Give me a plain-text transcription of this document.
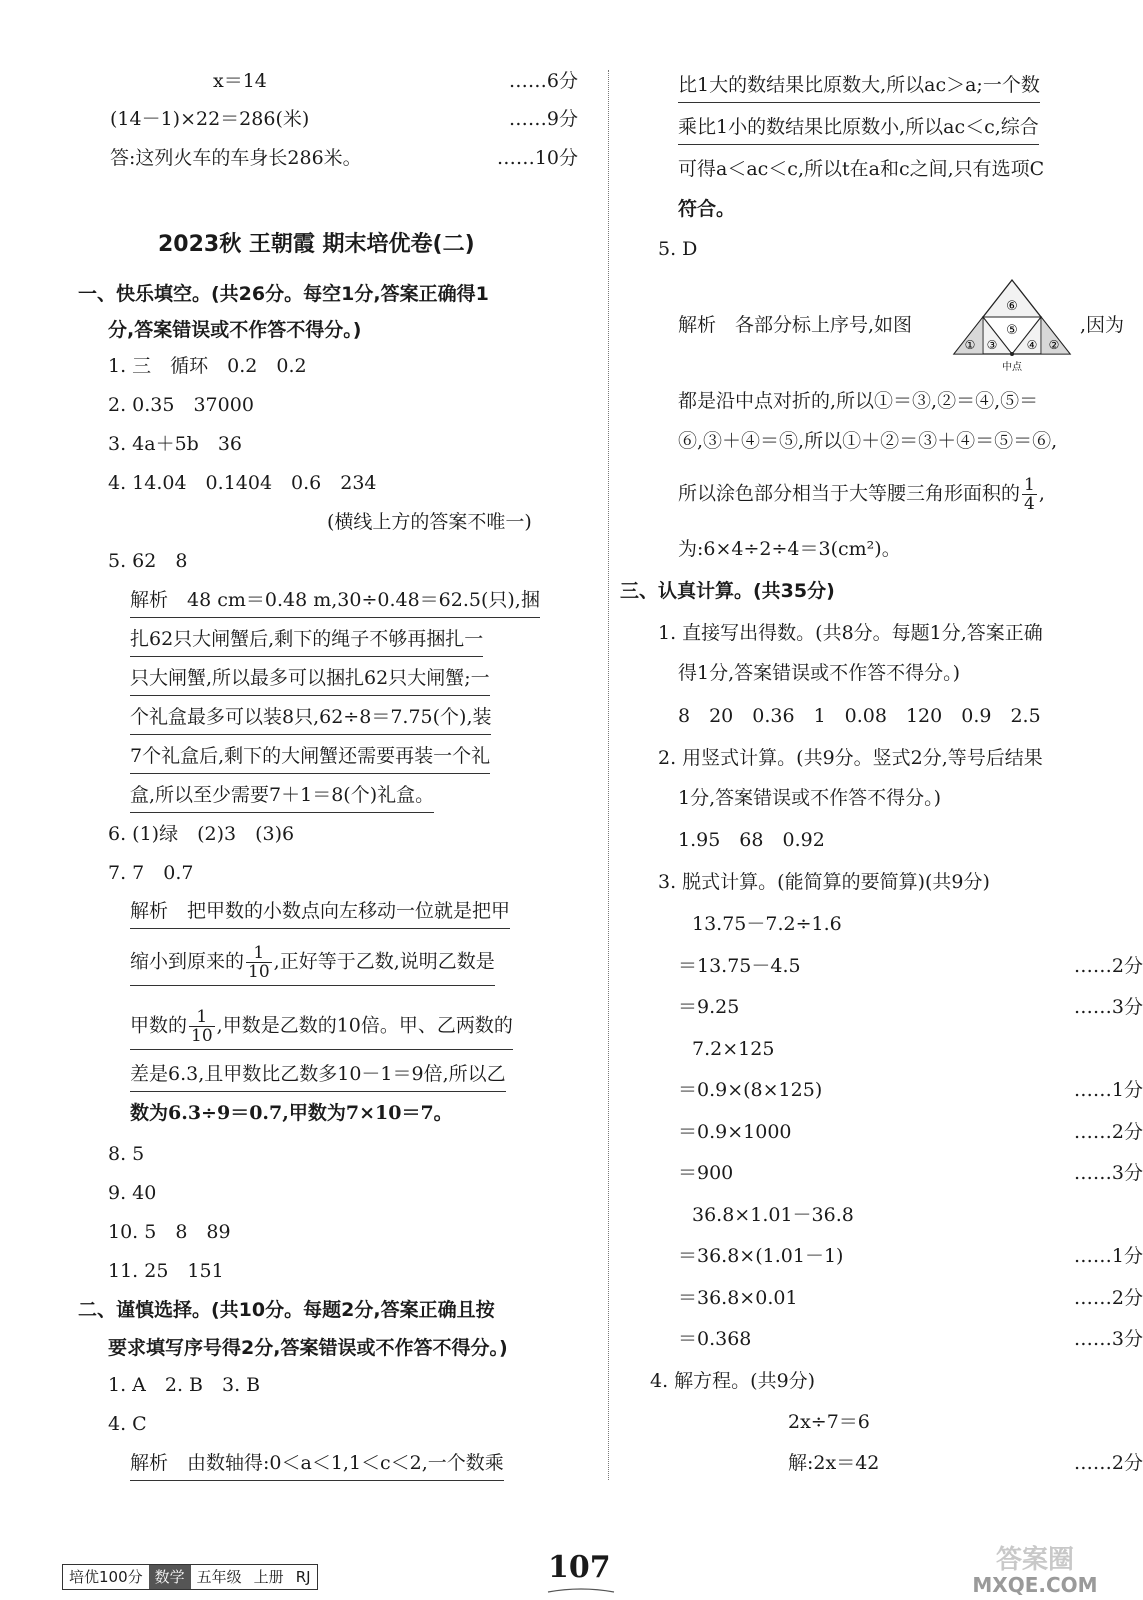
x＝14	……6分
(14－1)×22＝286(米)	……9分
答:这列火车的车身长286米。	……10分
2023秋 王朝霞 期末培优卷(二)
一、快乐填空。(共26分。每空1分,答案正确得1
分,答案错误或不作答不得分。)
1. 三　循环　0.2　0.2
2. 0.35　37000
3. 4a＋5b　36
4. 14.04　0.1404　0.6　234
(横线上方的答案不唯一)
5. 62　8
解析　48 cm＝0.48 m,30÷0.48＝62.5(只),捆
扎62只大闸蟹后,剩下的绳子不够再捆扎一
只大闸蟹,所以最多可以捆扎62只大闸蟹;一
个礼盒最多可以装8只,62÷8＝7.75(个),装
7个礼盒后,剩下的大闸蟹还需要再装一个礼
盒,所以至少需要7＋1＝8(个)礼盒。
6. (1)绿　(2)3　(3)6
7. 7　0.7
解析　把甲数的小数点向左移动一位就是把甲
缩小到原来的 $\frac{1}{10}$ ,正好等于乙数,说明乙数是
甲数的 $\frac{1}{10}$ ,甲数是乙数的10倍。甲、乙两数的
差是6.3,且甲数比乙数多10－1＝9倍,所以乙
数为6.3÷9＝0.7,甲数为7×10＝7。
8. 5
9. 40
10. 5　8　89
11. 25　151
二、谨慎选择。(共10分。每题2分,答案正确且按
要求填写序号得2分,答案错误或不作答不得分。)
1. A　2. B　3. B
4. C
解析　由数轴得:0＜a＜1,1＜c＜2,一个数乘
比1大的数结果比原数大,所以ac＞a;一个数
乘比1小的数结果比原数小,所以ac＜c,综合
可得a＜ac＜c,所以t在a和c之间,只有选项C
符合。
5. D
解析　各部分标上序号,如图	,因为
都是沿中点对折的,所以①＝③,②＝④,⑤＝
⑥,③＋④＝⑤,所以①＋②＝③＋④＝⑤＝⑥,
所以涂色部分相当于大等腰三角形面积的 $\frac{1}{4}$ ,
为:6×4÷2÷4＝3(cm²)。
三、认真计算。(共35分)
1. 直接写出得数。(共8分。每题1分,答案正确
得1分,答案错误或不作答不得分。)
8　20　0.36　1　0.08　120　0.9　2.5
2. 用竖式计算。(共9分。竖式2分,等号后结果
1分,答案错误或不作答不得分。)
1.95　68　0.92
3. 脱式计算。(能简算的要简算)(共9分)
13.75－7.2÷1.6
＝13.75－4.5	……2分
＝9.25	……3分
7.2×125
＝0.9×(8×125)	……1分
＝0.9×1000	……2分
＝900	……3分
36.8×1.01－36.8
＝36.8×(1.01－1)	……1分
＝36.8×0.01	……2分
＝0.368	……3分
4. 解方程。(共9分)
2x÷7＝6
解:2x＝42	……2分
⑥
⑤
① ③ ④ ②
中点
培优100分 数学 五年级 上册 RJ	107	MXQE.COM
答案圈
